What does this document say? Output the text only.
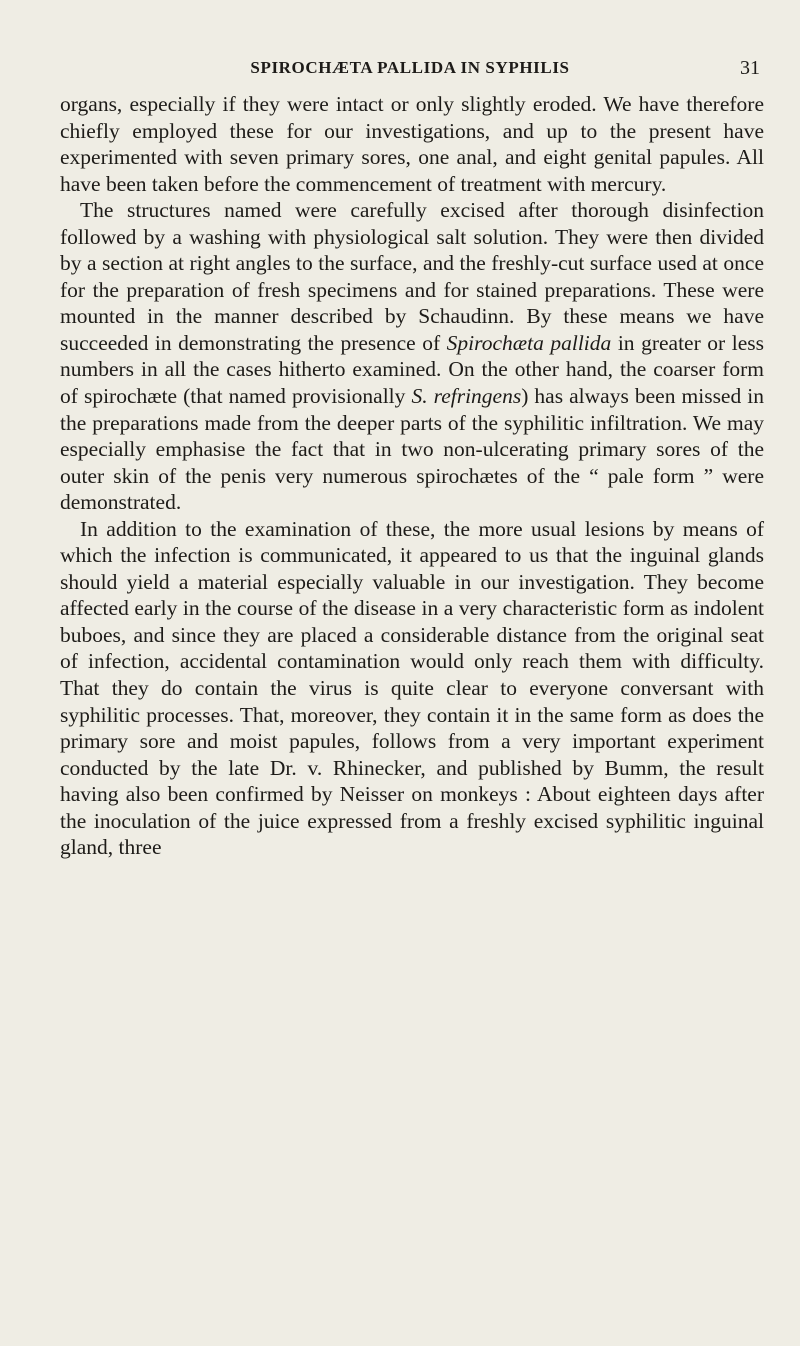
SPIROCHÆTA PALLIDA IN SYPHILIS	31

organs, especially if they were intact or only slightly eroded. We have therefore chiefly employed these for our investigations, and up to the present have experimented with seven primary sores, one anal, and eight genital papules. All have been taken before the commencement of treatment with mercury.

The structures named were carefully excised after thorough disinfection followed by a washing with physiological salt solution. They were then divided by a section at right angles to the surface, and the freshly-cut surface used at once for the preparation of fresh specimens and for stained preparations. These were mounted in the manner described by Schaudinn. By these means we have succeeded in demonstrating the presence of Spirochæta pallida in greater or less numbers in all the cases hitherto examined. On the other hand, the coarser form of spirochæte (that named provisionally S. refringens) has always been missed in the preparations made from the deeper parts of the syphilitic infiltration. We may especially emphasise the fact that in two non-ulcerating primary sores of the outer skin of the penis very numerous spirochætes of the “ pale form ” were demonstrated.

In addition to the examination of these, the more usual lesions by means of which the infection is communicated, it appeared to us that the inguinal glands should yield a material especially valuable in our investigation. They become affected early in the course of the disease in a very characteristic form as indolent buboes, and since they are placed a considerable distance from the original seat of infection, accidental contamination would only reach them with difficulty. That they do contain the virus is quite clear to everyone conversant with syphilitic processes. That, moreover, they contain it in the same form as does the primary sore and moist papules, follows from a very important experiment conducted by the late Dr. v. Rhinecker, and published by Bumm, the result having also been confirmed by Neisser on monkeys : About eighteen days after the inoculation of the juice expressed from a freshly excised syphilitic inguinal gland, three
